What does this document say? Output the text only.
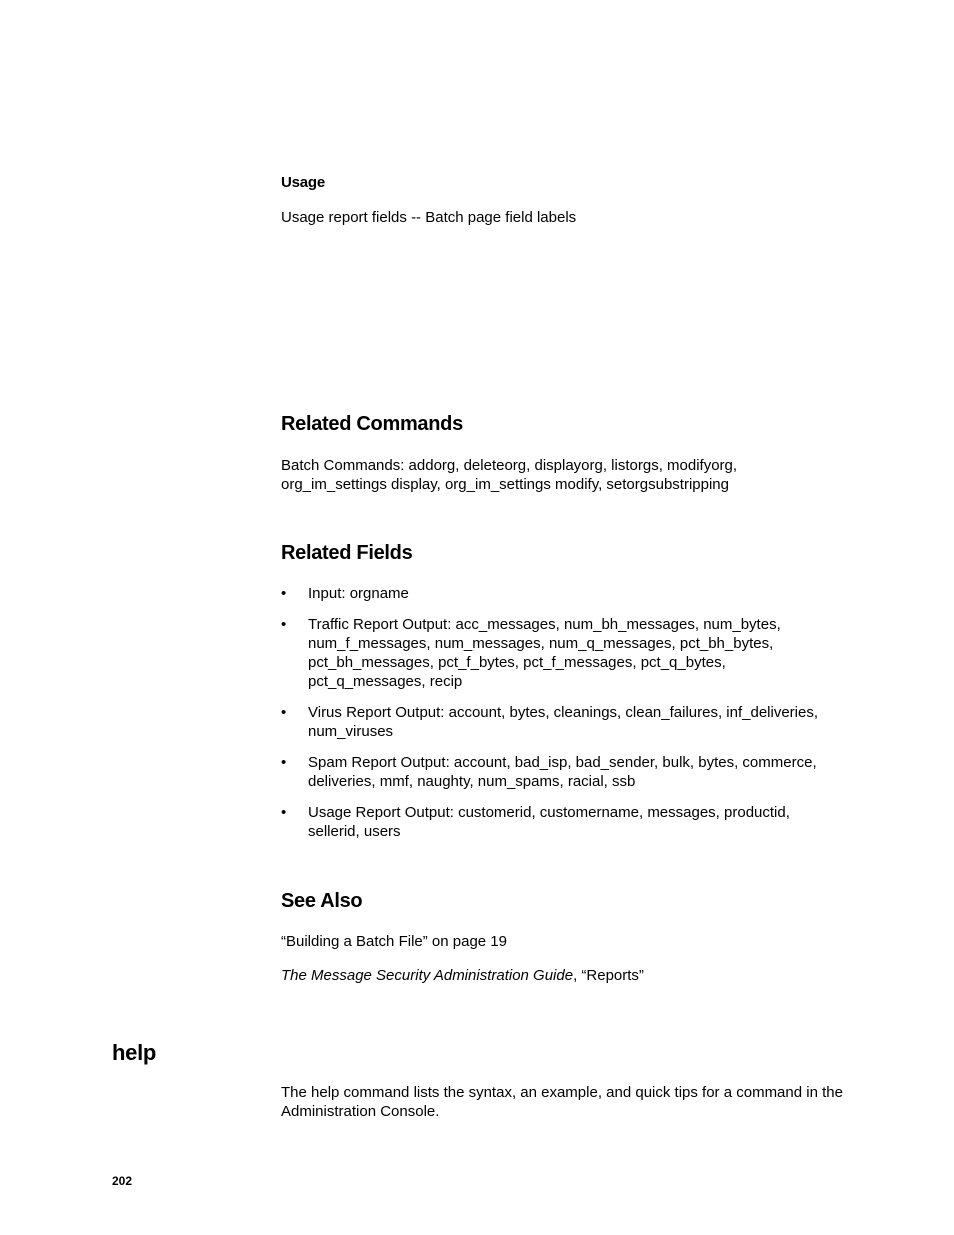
Usage

Usage report fields -- Batch page field labels

Related Commands
Batch Commands: addorg, deleteorg, displayorg, listorgs, modifyorg,
org_im_settings display, org_im_settings modify, setorgsubstripping
Related Fields
• Input: orgname
• Traffic Report Output: acc_messages, num_bh_messages, num_bytes, num_f_messages, num_messages, num_q_messages, pct_bh_bytes, pct_bh_messages, pct_f_bytes, pct_f_messages, pct_q_bytes, pct_q_messages, recip
• Virus Report Output: account, bytes, cleanings, clean_failures, inf_deliveries, num_viruses
• Spam Report Output: account, bad_isp, bad_sender, bulk, bytes, commerce, deliveries, mmf, naughty, num_spams, racial, ssb
• Usage Report Output: customerid, customername, messages, productid, sellerid, users
See Also

“Building a Batch File” on page 19

The Message Security Administration Guide, “Reports”

help

The help command lists the syntax, an example, and quick tips for a command in the Administration Console.

202
